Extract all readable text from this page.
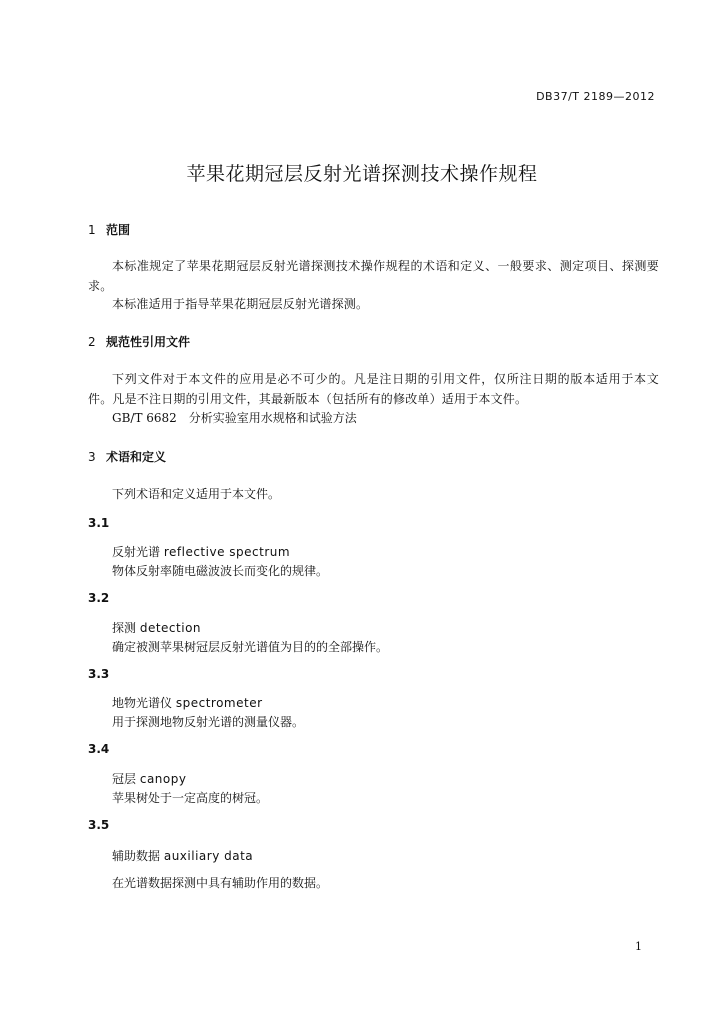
DB37/T 2189—2012
苹果花期冠层反射光谱探测技术操作规程
1 范围
本标准规定了苹果花期冠层反射光谱探测技术操作规程的术语和定义、一般要求、测定项目、探测要求。
本标准适用于指导苹果花期冠层反射光谱探测。
2 规范性引用文件
下列文件对于本文件的应用是必不可少的。凡是注日期的引用文件，仅所注日期的版本适用于本文件。凡是不注日期的引用文件，其最新版本（包括所有的修改单）适用于本文件。
GB/T 6682　分析实验室用水规格和试验方法
3 术语和定义
下列术语和定义适用于本文件。
3.1
反射光谱 reflective spectrum
物体反射率随电磁波波长而变化的规律。
3.2
探测 detection
确定被测苹果树冠层反射光谱值为目的的全部操作。
3.3
地物光谱仪 spectrometer
用于探测地物反射光谱的测量仪器。
3.4
冠层 canopy
苹果树处于一定高度的树冠。
3.5
辅助数据 auxiliary data
在光谱数据探测中具有辅助作用的数据。
1
